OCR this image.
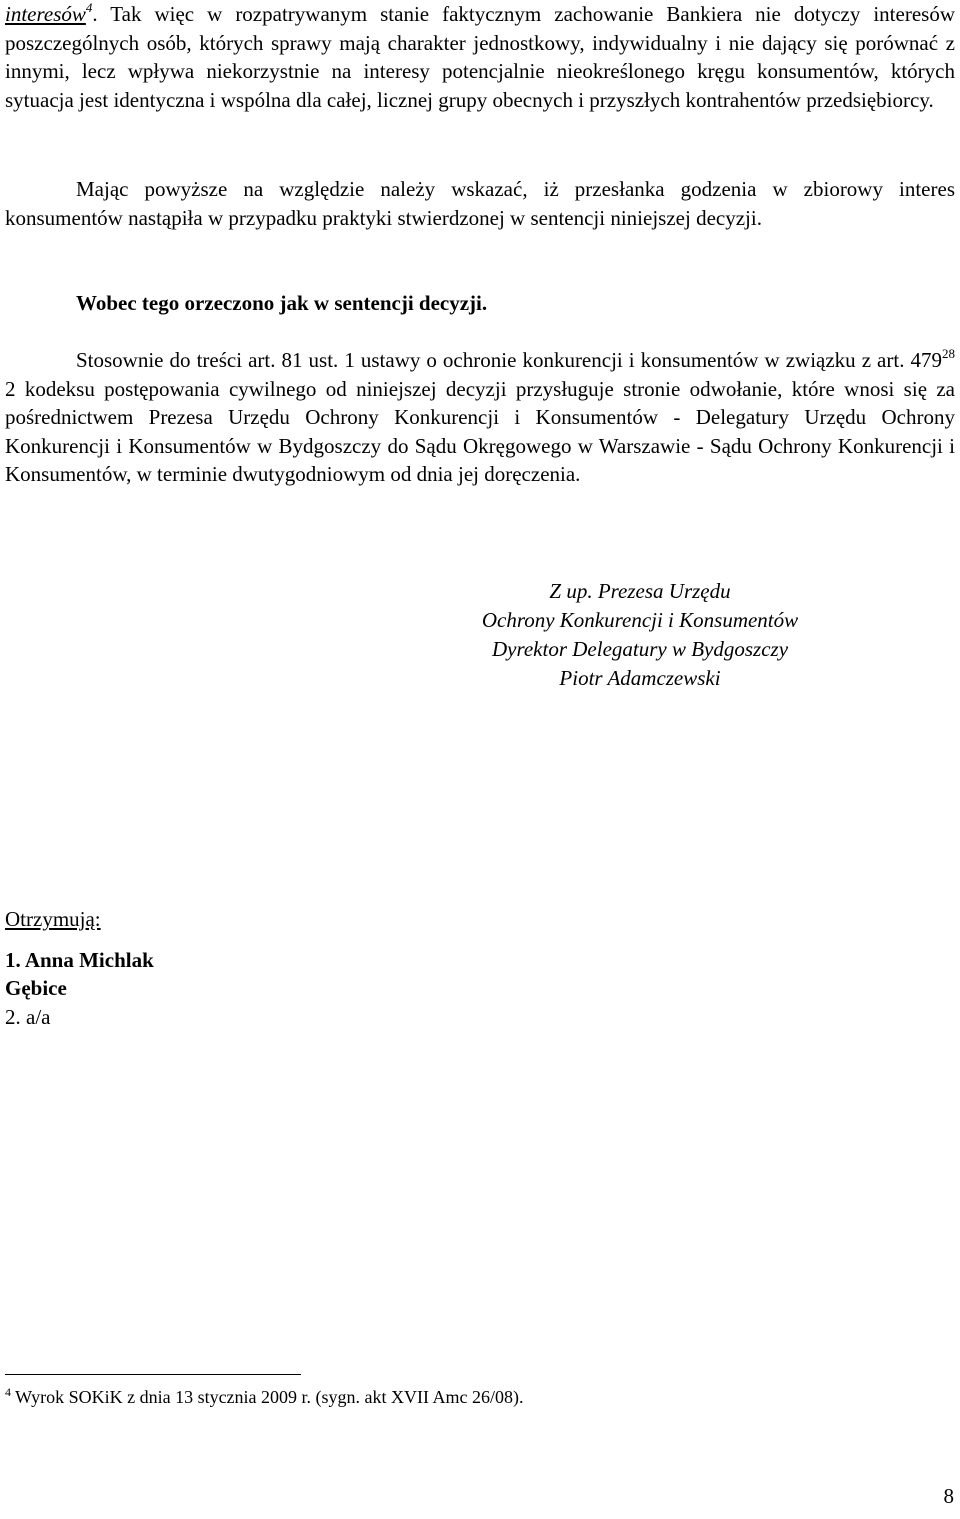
interesów$^4$. Tak więc w rozpatrywanym stanie faktycznym zachowanie Bankiera nie dotyczy interesów poszczególnych osób, których sprawy mają charakter jednostkowy, indywidualny i nie dający się porównać z innymi, lecz wpływa niekorzystnie na interesy potencjalnie nieokreślonego kręgu konsumentów, których sytuacja jest identyczna i wspólna dla całej, licznej grupy obecnych i przyszłych kontrahentów przedsiębiorcy.

Mając powyższe na względzie należy wskazać, iż przesłanka godzenia w zbiorowy interes konsumentów nastąpiła w przypadku praktyki stwierdzonej w sentencji niniejszej decyzji.

Wobec tego orzeczono jak w sentencji decyzji.

Stosownie do treści art. 81 ust. 1 ustawy o ochronie konkurencji i konsumentów w związku z art. $479^{28}$ 2 kodeksu postępowania cywilnego od niniejszej decyzji przysługuje stronie odwołanie, które wnosi się za pośrednictwem Prezesa Urzędu Ochrony Konkurencji i Konsumentów - Delegatury Urzędu Ochrony Konkurencji i Konsumentów w Bydgoszczy do Sądu Okręgowego w Warszawie - Sądu Ochrony Konkurencji i Konsumentów, w terminie dwutygodniowym od dnia jej doręczenia.

Z up. Prezesa Urzędu
Ochrony Konkurencji i Konsumentów
Dyrektor Delegatury w Bydgoszczy
Piotr Adamczewski
Otrzymują:
1. Anna Michlak
Gębice
2. a/a
$^4$ Wyrok SOKiK z dnia 13 stycznia 2009 r. (sygn. akt XVII Amc 26/08).
8
